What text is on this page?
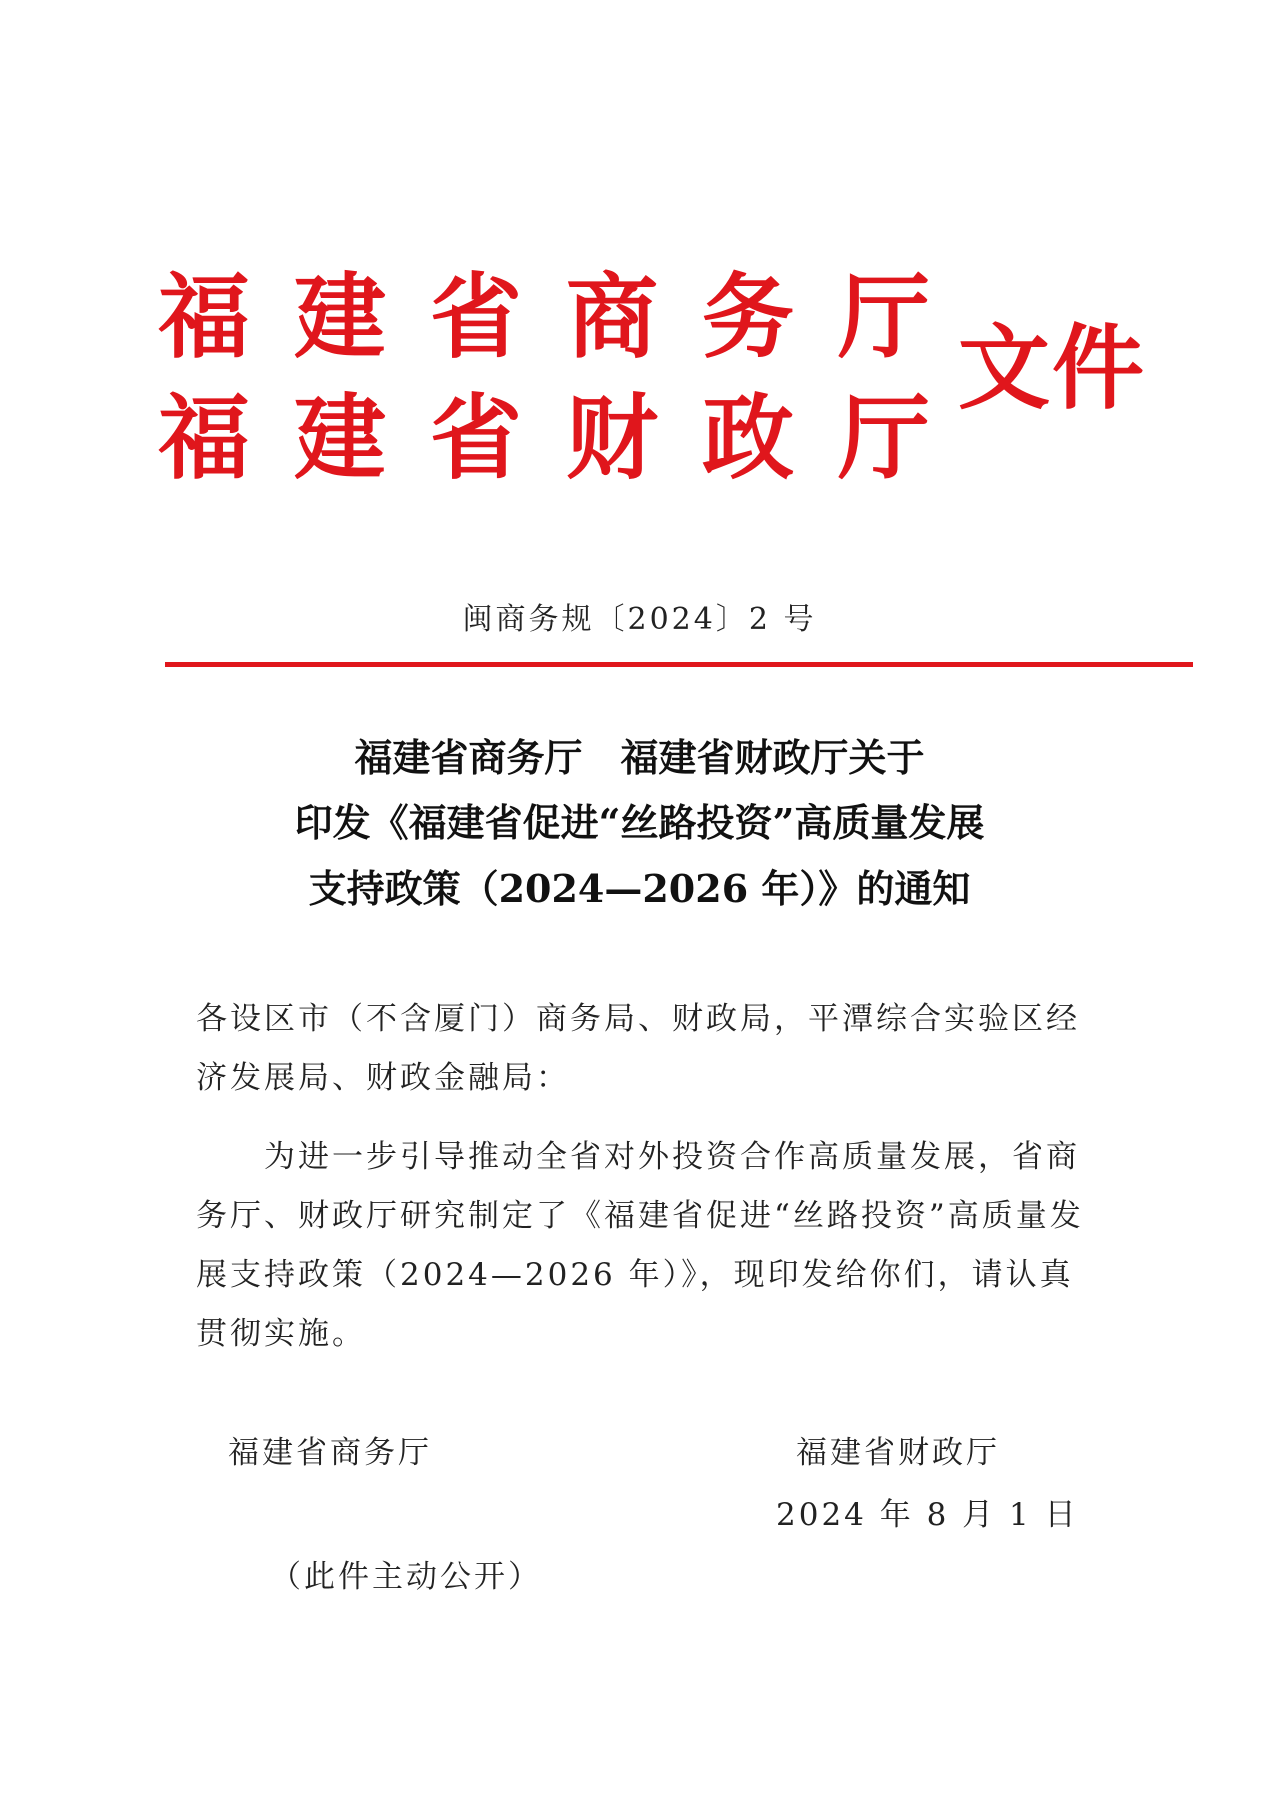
福建省商务厅
福建省财政厅
文件
闽商务规〔2024〕2 号
福建省商务厅　福建省财政厅关于
印发《福建省促进“丝路投资”高质量发展
支持政策（2024—2026 年）》的通知

各设区市（不含厦门）商务局、财政局，平潭综合实验区经济发展局、财政金融局：

为进一步引导推动全省对外投资合作高质量发展，省商务厅、财政厅研究制定了《福建省促进“丝路投资”高质量发展支持政策（2024—2026 年）》，现印发给你们，请认真贯彻实施。

福建省商务厅	福建省财政厅
2024 年 8 月 1 日
（此件主动公开）
